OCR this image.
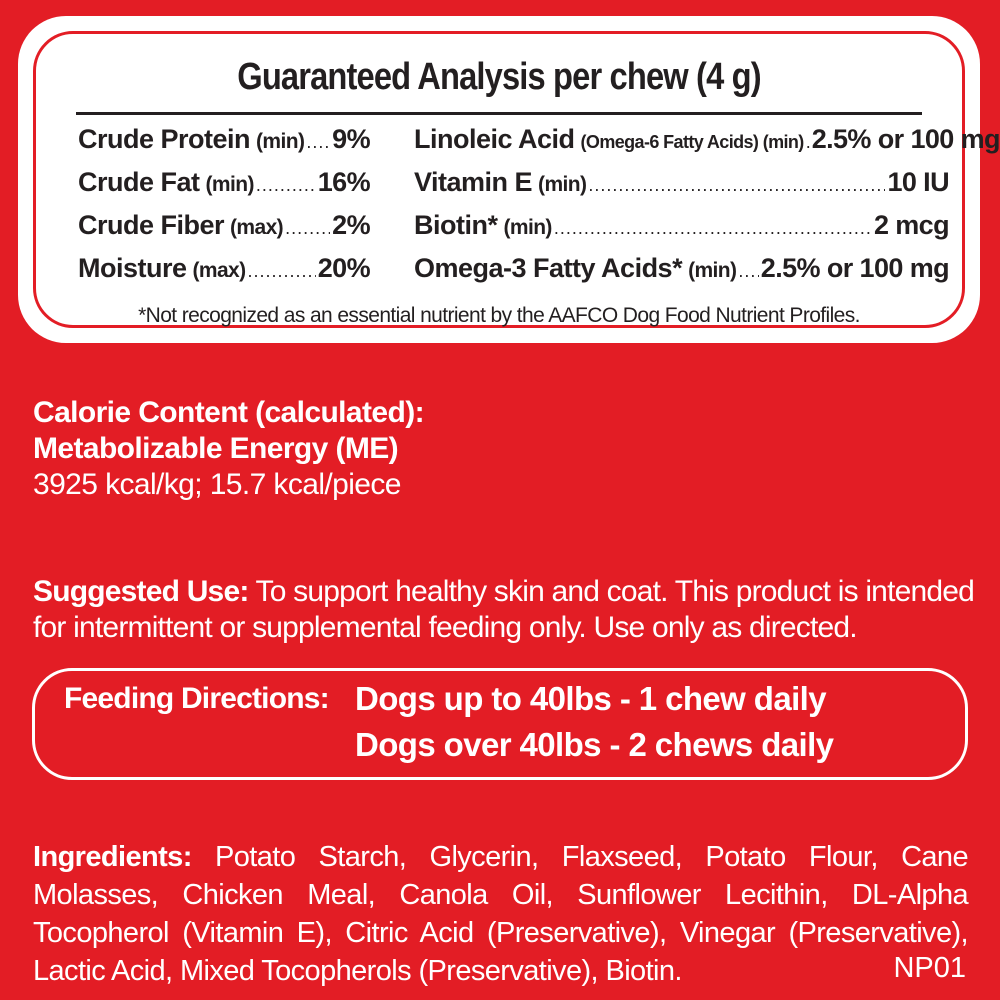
Guaranteed Analysis per chew (4 g)
Crude Protein (min) ..... 9%
Crude Fat (min) ..... 16%
Crude Fiber (max) ..... 2%
Moisture (max) .....	20%
Linoleic Acid (Omega-6 Fatty Acids) (min) ..... 2.5% or 100 mg
Vitamin E (min) .....	10 IU
Biotin* (min) .....	2 mcg
Omega-3 Fatty Acids* (min) ..... 2.5% or 100 mg
*Not recognized as an essential nutrient by the AAFCO Dog Food Nutrient Profiles.
Calorie Content (calculated):
Metabolizable Energy (ME)
3925 kcal/kg; 15.7 kcal/piece
Suggested Use: To support healthy skin and coat. This product is intended for intermittent or supplemental feeding only. Use only as directed.
Feeding Directions: Dogs up to 40lbs - 1 chew daily
Dogs over 40lbs - 2 chews daily
Ingredients: Potato Starch, Glycerin, Flaxseed, Potato Flour, Cane Molasses, Chicken Meal, Canola Oil, Sunflower Lecithin, DL-Alpha Tocopherol (Vitamin E), Citric Acid (Preservative), Vinegar (Preservative), Lactic Acid, Mixed Tocopherols (Preservative), Biotin.	NP01
